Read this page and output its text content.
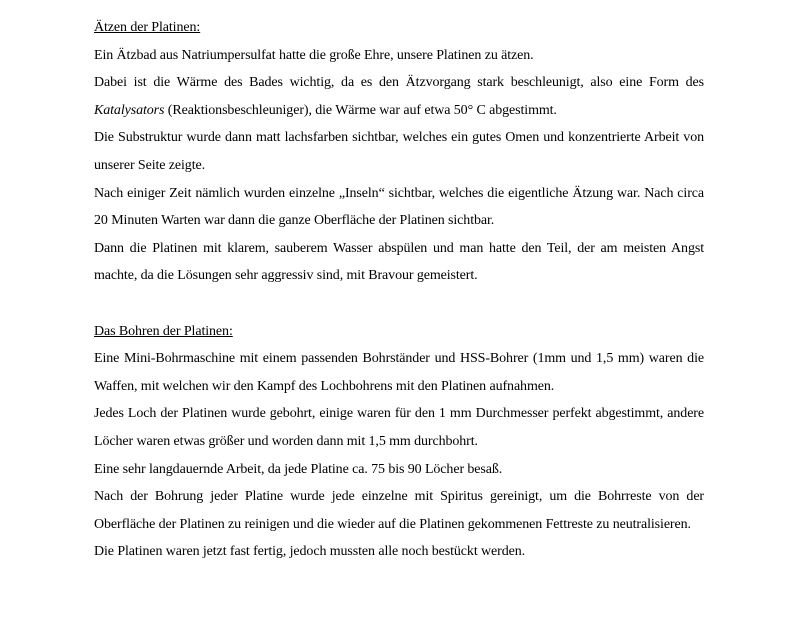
Ätzen der Platinen:

Ein Ätzbad aus Natriumpersulfat hatte die große Ehre, unsere Platinen zu ätzen.

Dabei ist die Wärme des Bades wichtig, da es den Ätzvorgang stark beschleunigt, also eine Form des Katalysators (Reaktionsbeschleuniger), die Wärme war auf etwa 50° C abgestimmt.

Die Substruktur wurde dann matt lachsfarben sichtbar, welches ein gutes Omen und konzentrierte Arbeit von unserer Seite zeigte.

Nach einiger Zeit nämlich wurden einzelne „Inseln“ sichtbar, welches die eigentliche Ätzung war. Nach circa 20 Minuten Warten war dann die ganze Oberfläche der Platinen sichtbar.

Dann die Platinen mit klarem, sauberem Wasser abspülen und man hatte den Teil, der am meisten Angst machte, da die Lösungen sehr aggressiv sind, mit Bravour gemeistert.

Das Bohren der Platinen:

Eine Mini-Bohrmaschine mit einem passenden Bohrständer und HSS-Bohrer (1mm und 1,5 mm) waren die Waffen, mit welchen wir den Kampf des Lochbohrens mit den Platinen aufnahmen.

Jedes Loch der Platinen wurde gebohrt, einige waren für den 1 mm Durchmesser perfekt abgestimmt, andere Löcher waren etwas größer und worden dann mit 1,5 mm durchbohrt.

Eine sehr langdauernde Arbeit, da jede Platine ca. 75 bis 90 Löcher besaß.

Nach der Bohrung jeder Platine wurde jede einzelne mit Spiritus gereinigt, um die Bohrreste von der Oberfläche der Platinen zu reinigen und die wieder auf die Platinen gekommenen Fettreste zu neutralisieren.

Die Platinen waren jetzt fast fertig, jedoch mussten alle noch bestückt werden.
